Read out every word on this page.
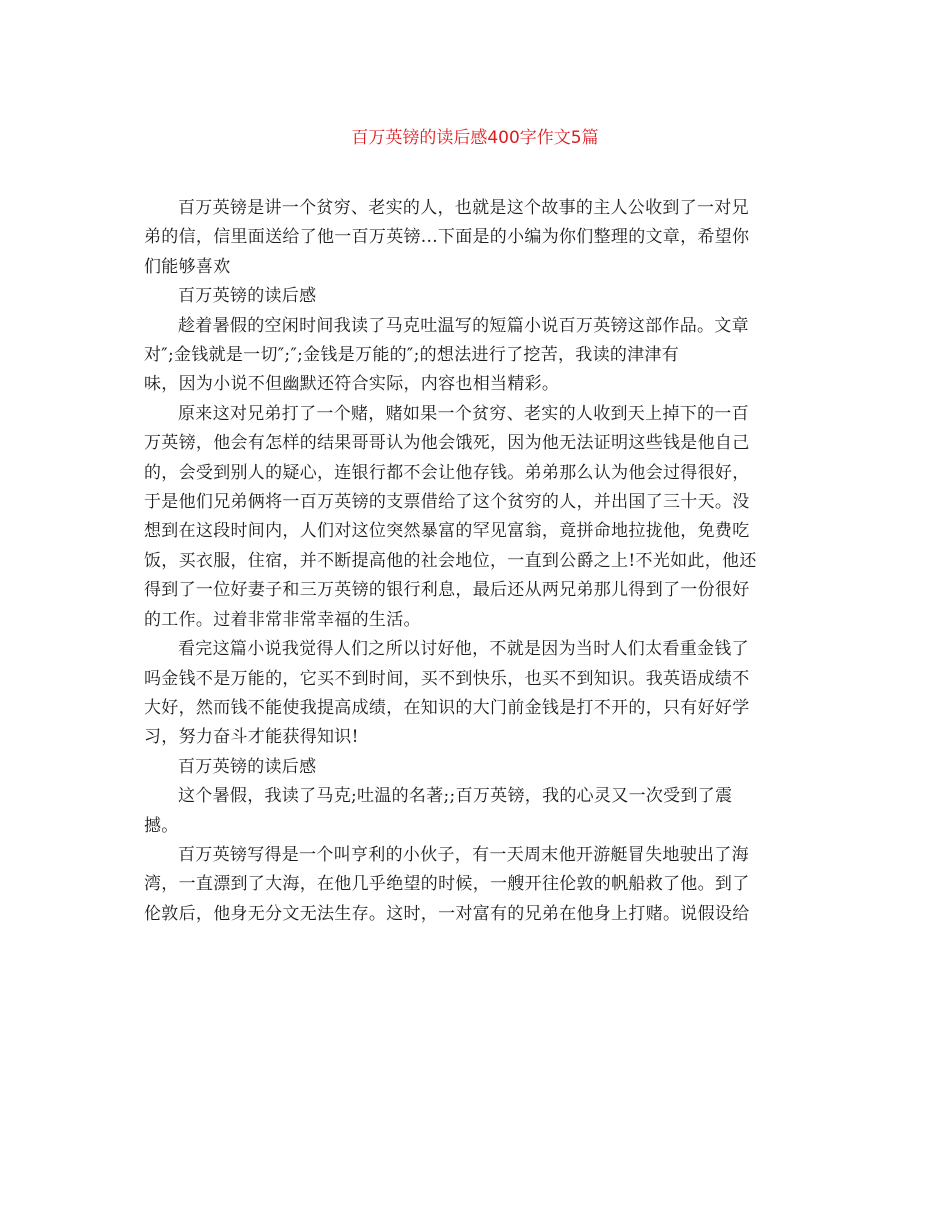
百万英镑的读后感400字作文5篇
百万英镑是讲一个贫穷、老实的人，也就是这个故事的主人公收到了一对兄
弟的信，信里面送给了他一百万英镑...下面是的小编为你们整理的文章，希望你
们能够喜欢
百万英镑的读后感
趁着暑假的空闲时间我读了马克吐温写的短篇小说百万英镑这部作品。文章
对″;金钱就是一切″;″;金钱是万能的″;的想法进行了挖苦，我读的津津有
味，因为小说不但幽默还符合实际，内容也相当精彩。
原来这对兄弟打了一个赌，赌如果一个贫穷、老实的人收到天上掉下的一百
万英镑，他会有怎样的结果哥哥认为他会饿死，因为他无法证明这些钱是他自己
的，会受到别人的疑心，连银行都不会让他存钱。弟弟那么认为他会过得很好，
于是他们兄弟俩将一百万英镑的支票借给了这个贫穷的人，并出国了三十天。没
想到在这段时间内，人们对这位突然暴富的罕见富翁，竟拼命地拉拢他，免费吃
饭，买衣服，住宿，并不断提高他的社会地位，一直到公爵之上!不光如此，他还
得到了一位好妻子和三万英镑的银行利息，最后还从两兄弟那儿得到了一份很好
的工作。过着非常非常幸福的生活。
看完这篇小说我觉得人们之所以讨好他，不就是因为当时人们太看重金钱了
吗金钱不是万能的，它买不到时间，买不到快乐，也买不到知识。我英语成绩不
大好，然而钱不能使我提高成绩，在知识的大门前金钱是打不开的，只有好好学
习，努力奋斗才能获得知识!
百万英镑的读后感
这个暑假，我读了马克;吐温的名著;;百万英镑，我的心灵又一次受到了震
撼。
百万英镑写得是一个叫亨利的小伙子，有一天周末他开游艇冒失地驶出了海
湾，一直漂到了大海，在他几乎绝望的时候，一艘开往伦敦的帆船救了他。到了
伦敦后，他身无分文无法生存。这时，一对富有的兄弟在他身上打赌。说假设给
